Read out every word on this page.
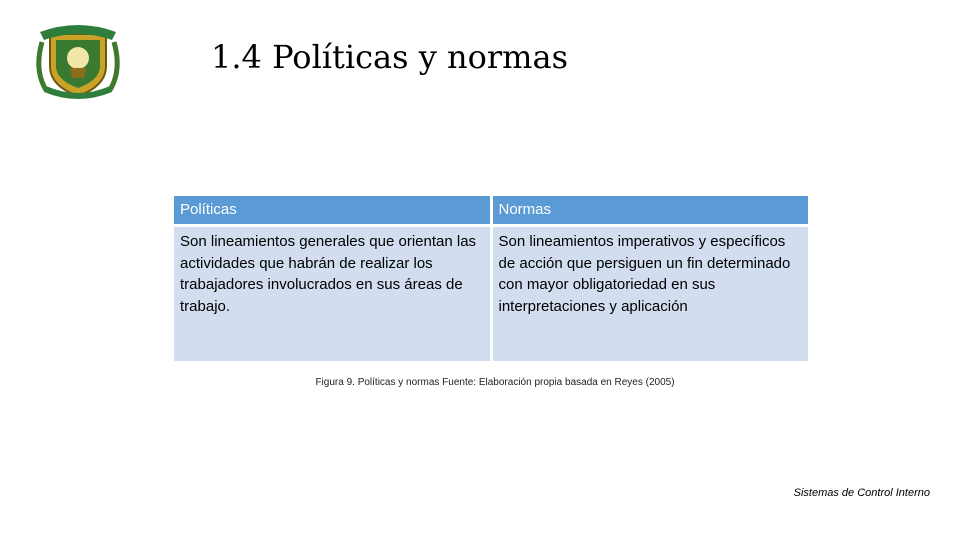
1.4 Políticas y normas
Políticas	Normas
Son lineamientos generales que orientan las actividades que habrán de realizar los trabajadores involucrados en sus áreas de trabajo.	Son lineamientos imperativos y específicos de acción que persiguen un fin determinado con mayor obligatoriedad en sus interpretaciones y aplicación
Figura 9. Políticas y normas Fuente: Elaboración propia basada en Reyes (2005)
Sistemas de Control Interno
